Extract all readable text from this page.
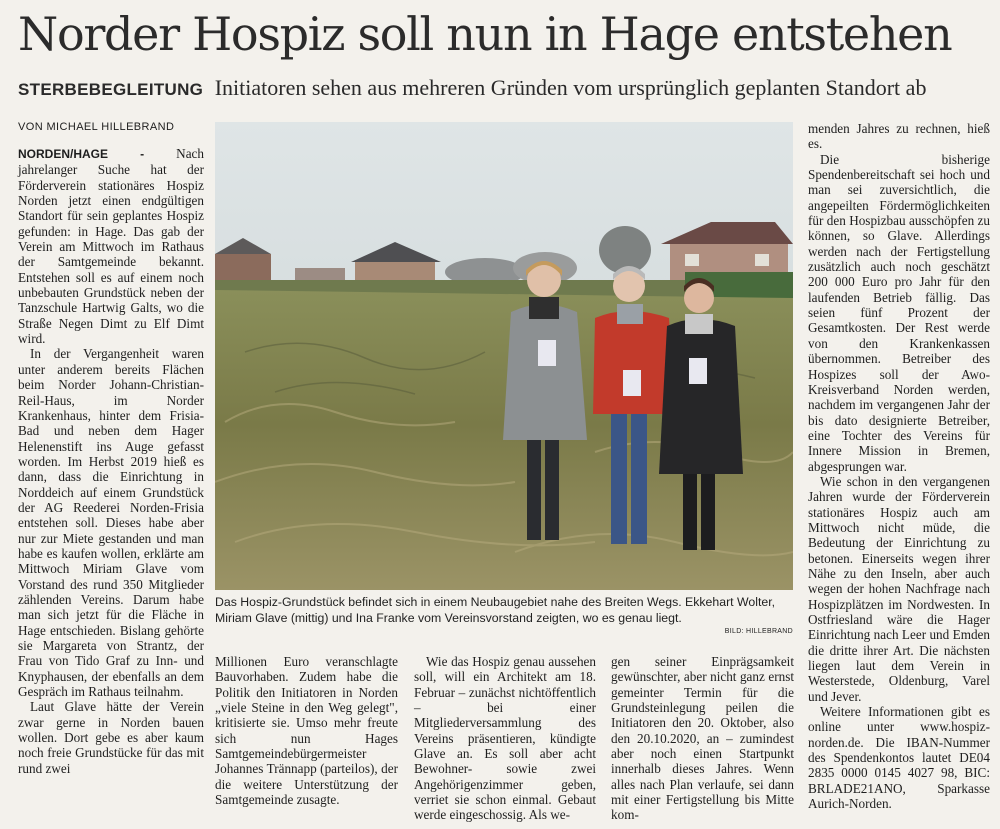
Norder Hospiz soll nun in Hage entstehen
STERBEBEGLEITUNG Initiatoren sehen aus mehreren Gründen vom ursprünglich geplanten Standort ab
VON MICHAEL HILLEBRAND

NORDEN/HAGE - Nach jahrelanger Suche hat der Förderverein stationäres Hospiz Norden jetzt einen endgültigen Standort für sein geplantes Hospiz gefunden: in Hage. Das gab der Verein am Mittwoch im Rathaus der Samtgemeinde bekannt. Entstehen soll es auf einem noch unbebauten Grundstück neben der Tanzschule Hartwig Galts, wo die Straße Negen Dimt zu Elf Dimt wird.

In der Vergangenheit waren unter anderem bereits Flächen beim Norder Johann-Christian-Reil-Haus, im Norder Krankenhaus, hinter dem Frisia-Bad und neben dem Hager Helenenstift ins Auge gefasst worden. Im Herbst 2019 hieß es dann, dass die Einrichtung in Norddeich auf einem Grundstück der AG Reederei Norden-Frisia entstehen soll. Dieses habe aber nur zur Miete gestanden und man habe es kaufen wollen, erklärte am Mittwoch Miriam Glave vom Vorstand des rund 350 Mitglieder zählenden Vereins. Darum habe man sich jetzt für die Fläche in Hage entschieden. Bislang gehörte sie Margareta von Strantz, der Frau von Tido Graf zu Inn- und Knyphausen, der ebenfalls an dem Gespräch im Rathaus teilnahm.

Laut Glave hätte der Verein zwar gerne in Norden bauen wollen. Dort gebe es aber kaum noch freie Grundstücke für das mit rund zwei

Das Hospiz-Grundstück befindet sich in einem Neubaugebiet nahe des Breiten Wegs. Ekkehart Wolter, Miriam Glave (mittig) und Ina Franke vom Vereinsvorstand zeigten, wo es genau liegt.
BILD: HILLEBRAND

Millionen Euro veranschlagte Bauvorhaben. Zudem habe die Politik den Initiatoren in Norden „viele Steine in den Weg gelegt", kritisierte sie. Umso mehr freute sich nun Hages Samtgemeindebürgermeister Johannes Trännapp (parteilos), der die weitere Unterstützung der Samtgemeinde zusagte.

Wie das Hospiz genau aussehen soll, will ein Architekt am 18. Februar – zunächst nichtöffentlich – bei einer Mitgliederversammlung des Vereins präsentieren, kündigte Glave an. Es soll aber acht Bewohner- sowie zwei Angehörigenzimmer geben, verriet sie schon einmal. Gebaut werde eingeschossig. Als we-

gen seiner Einprägsamkeit gewünschter, aber nicht ganz ernst gemeinter Termin für die Grundsteinlegung peilen die Initiatoren den 20. Oktober, also den 20.10.2020, an – zumindest aber noch einen Startpunkt innerhalb dieses Jahres. Wenn alles nach Plan verlaufe, sei dann mit einer Fertigstellung bis Mitte kom-

menden Jahres zu rechnen, hieß es.

Die bisherige Spendenbereitschaft sei hoch und man sei zuversichtlich, die angepeilten Fördermöglichkeiten für den Hospizbau ausschöpfen zu können, so Glave. Allerdings werden nach der Fertigstellung zusätzlich auch noch geschätzt 200 000 Euro pro Jahr für den laufenden Betrieb fällig. Das seien fünf Prozent der Gesamtkosten. Der Rest werde von den Krankenkassen übernommen. Betreiber des Hospizes soll der Awo-Kreisverband Norden werden, nachdem im vergangenen Jahr der bis dato designierte Betreiber, eine Tochter des Vereins für Innere Mission in Bremen, abgesprungen war.

Wie schon in den vergangenen Jahren wurde der Förderverein stationäres Hospiz auch am Mittwoch nicht müde, die Bedeutung der Einrichtung zu betonen. Einerseits wegen ihrer Nähe zu den Inseln, aber auch wegen der hohen Nachfrage nach Hospizplätzen im Nordwesten. In Ostfriesland wäre die Hager Einrichtung nach Leer und Emden die dritte ihrer Art. Die nächsten liegen laut dem Verein in Westerstede, Oldenburg, Varel und Jever.

Weitere Informationen gibt es online unter www.hospiz-norden.de. Die IBAN-Nummer des Spendenkontos lautet DE04 2835 0000 0145 4027 98, BIC: BRLADE21ANO, Sparkasse Aurich-Norden.
